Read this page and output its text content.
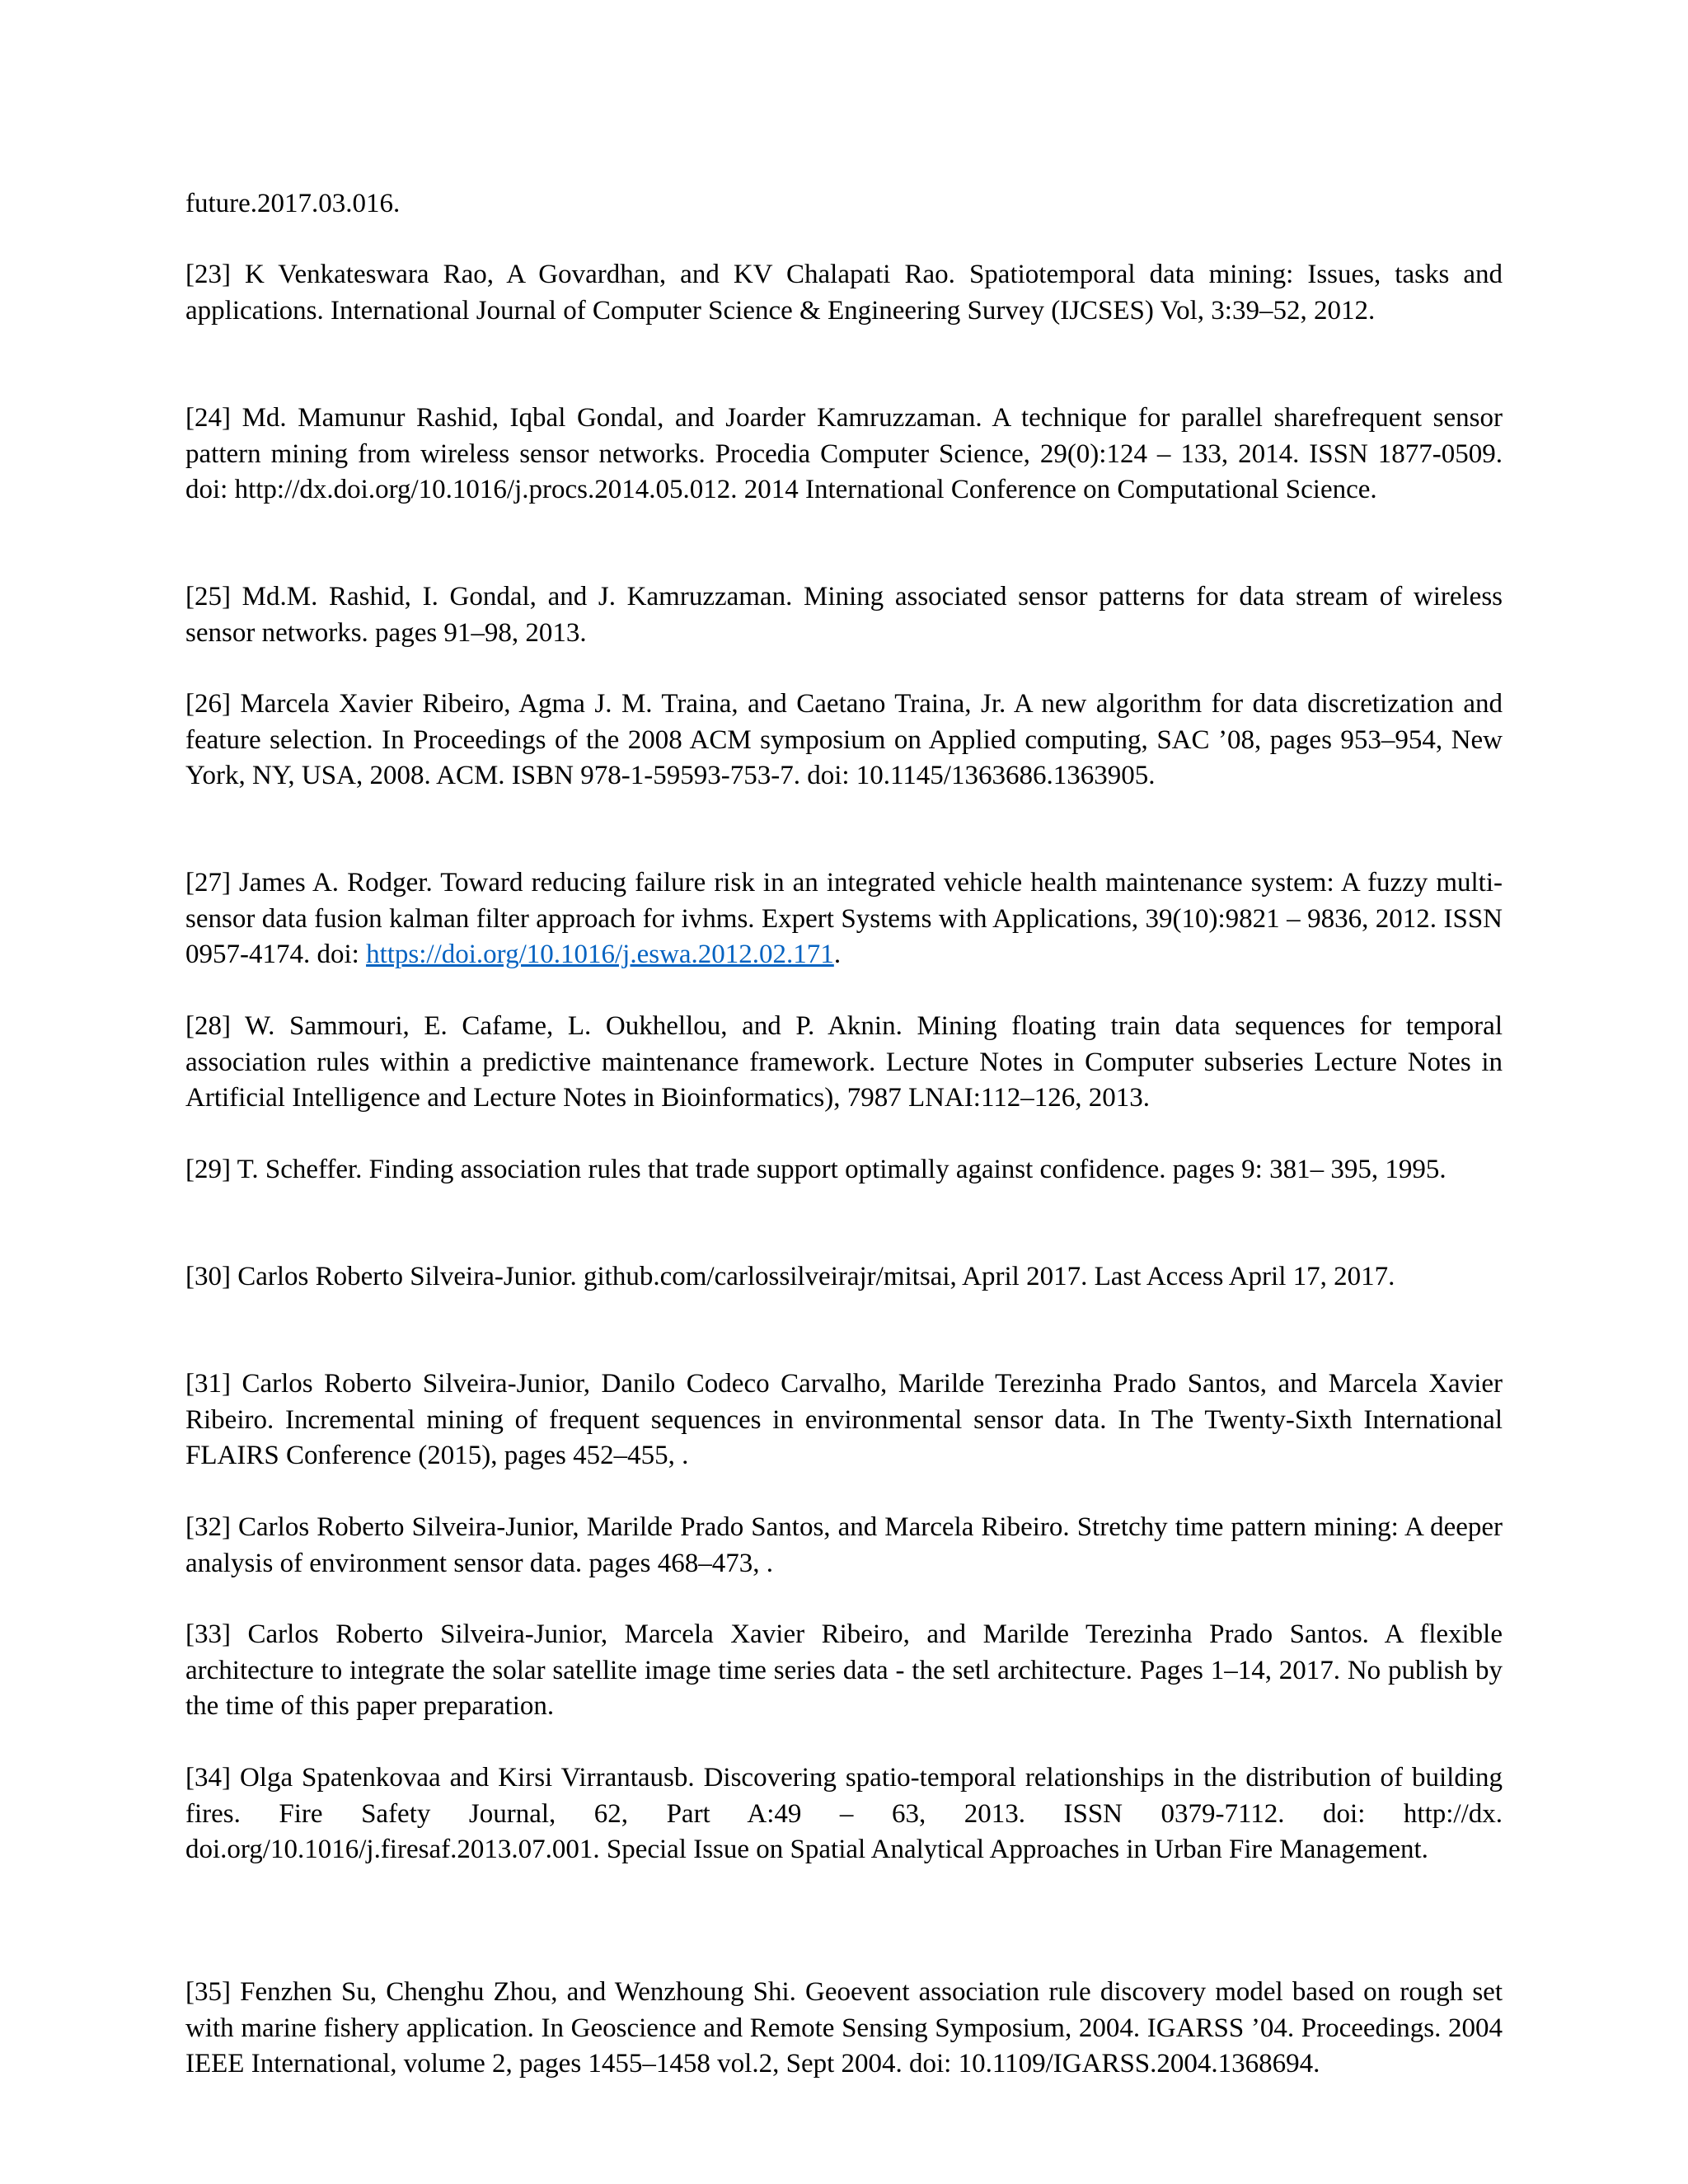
future.2017.03.016.

[23] K Venkateswara Rao, A Govardhan, and KV Chalapati Rao. Spatiotemporal data mining: Issues, tasks and applications. International Journal of Computer Science & Engineering Survey (IJCSES) Vol, 3:39–52, 2012.

[24] Md. Mamunur Rashid, Iqbal Gondal, and Joarder Kamruzzaman. A technique for parallel sharefrequent sensor pattern mining from wireless sensor networks. Procedia Computer Science, 29(0):124 – 133, 2014. ISSN 1877-0509. doi: http://dx.doi.org/10.1016/j.procs.2014.05.012. 2014 International Conference on Computational Science.

[25] Md.M. Rashid, I. Gondal, and J. Kamruzzaman. Mining associated sensor patterns for data stream of wireless sensor networks. pages 91–98, 2013.

[26] Marcela Xavier Ribeiro, Agma J. M. Traina, and Caetano Traina, Jr. A new algorithm for data discretization and feature selection. In Proceedings of the 2008 ACM symposium on Applied computing, SAC ’08, pages 953–954, New York, NY, USA, 2008. ACM. ISBN 978-1-59593-753-7. doi: 10.1145/1363686.1363905.

[27] James A. Rodger. Toward reducing failure risk in an integrated vehicle health maintenance system: A fuzzy multi-sensor data fusion kalman filter approach for ivhms. Expert Systems with Applications, 39(10):9821 – 9836, 2012. ISSN 0957-4174. doi: https://doi.org/10.1016/j.eswa.2012.02.171.

[28] W. Sammouri, E. Cafame, L. Oukhellou, and P. Aknin. Mining floating train data sequences for temporal association rules within a predictive maintenance framework. Lecture Notes in Computer subseries Lecture Notes in Artificial Intelligence and Lecture Notes in Bioinformatics), 7987 LNAI:112–126, 2013.

[29] T. Scheffer. Finding association rules that trade support optimally against confidence. pages 9: 381– 395, 1995.

[30] Carlos Roberto Silveira-Junior. github.com/carlossilveirajr/mitsai, April 2017. Last Access April 17, 2017.

[31] Carlos Roberto Silveira-Junior, Danilo Codeco Carvalho, Marilde Terezinha Prado Santos, and Marcela Xavier Ribeiro. Incremental mining of frequent sequences in environmental sensor data. In The Twenty-Sixth International FLAIRS Conference (2015), pages 452–455, .

[32] Carlos Roberto Silveira-Junior, Marilde Prado Santos, and Marcela Ribeiro. Stretchy time pattern mining: A deeper analysis of environment sensor data. pages 468–473, .

[33] Carlos Roberto Silveira-Junior, Marcela Xavier Ribeiro, and Marilde Terezinha Prado Santos. A flexible architecture to integrate the solar satellite image time series data - the setl architecture. Pages 1–14, 2017. No publish by the time of this paper preparation.

[34] Olga Spatenkovaa and Kirsi Virrantausb. Discovering spatio-temporal relationships in the distribution of building fires. Fire Safety Journal, 62, Part A:49 – 63, 2013. ISSN 0379-7112. doi: http://dx. doi.org/10.1016/j.firesaf.2013.07.001. Special Issue on Spatial Analytical Approaches in Urban Fire Management.

[35] Fenzhen Su, Chenghu Zhou, and Wenzhoung Shi. Geoevent association rule discovery model based on rough set with marine fishery application. In Geoscience and Remote Sensing Symposium, 2004. IGARSS ’04. Proceedings. 2004 IEEE International, volume 2, pages 1455–1458 vol.2, Sept 2004. doi: 10.1109/IGARSS.2004.1368694.
